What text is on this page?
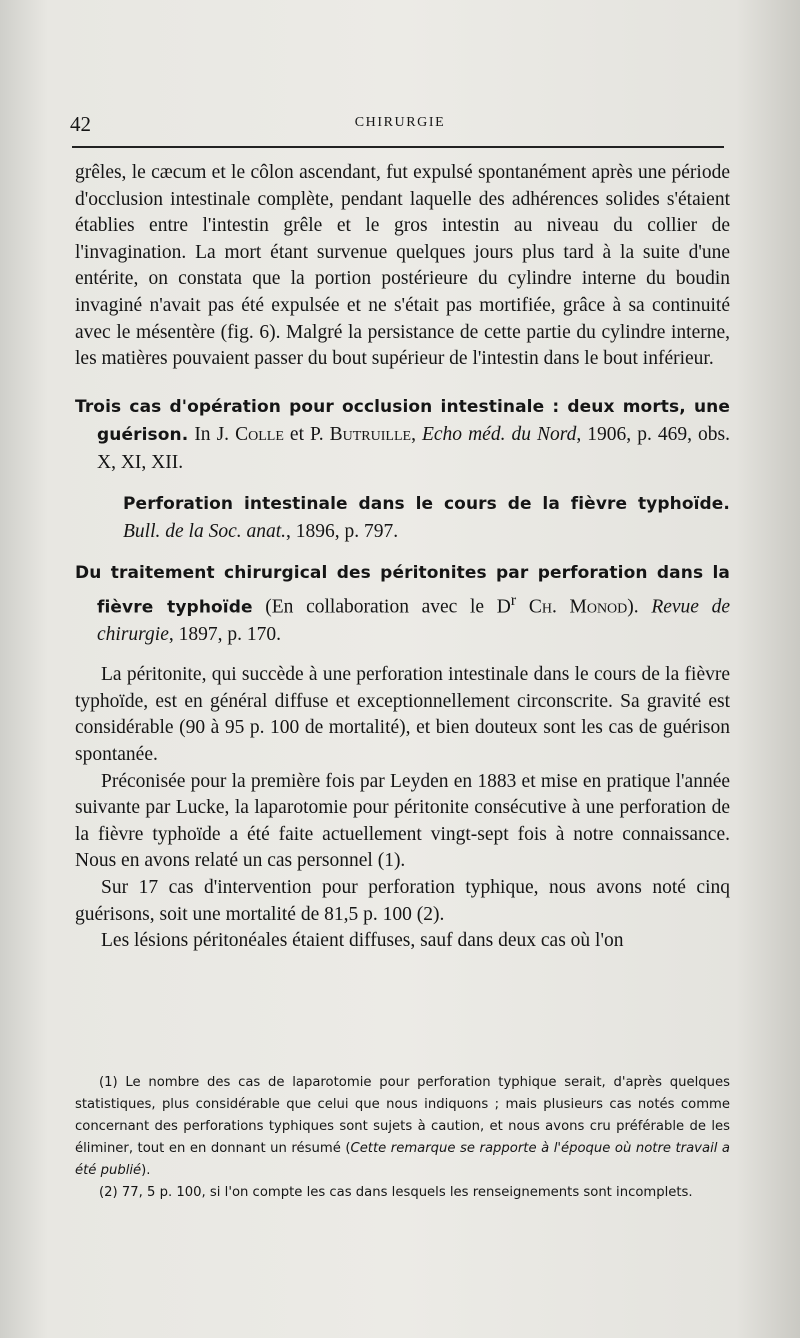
42	CHIRURGIE

grêles, le cæcum et le côlon ascendant, fut expulsé spontanément après une période d'occlusion intestinale complète, pendant laquelle des adhérences solides s'étaient établies entre l'intestin grêle et le gros intestin au niveau du collier de l'invagination. La mort étant survenue quelques jours plus tard à la suite d'une entérite, on constata que la portion postérieure du cylindre interne du boudin invaginé n'avait pas été expulsée et ne s'était pas mortifiée, grâce à sa continuité avec le mésentère (fig. 6). Malgré la persistance de cette partie du cylindre interne, les matières pouvaient passer du bout supérieur de l'intestin dans le bout inférieur.

Trois cas d'opération pour occlusion intestinale : deux morts, une guérison. In J. Colle et P. Butruille, Echo méd. du Nord, 1906, p. 469, obs. X, XI, XII.

Perforation intestinale dans le cours de la fièvre typhoïde. Bull. de la Soc. anat., 1896, p. 797.

Du traitement chirurgical des péritonites par perforation dans la fièvre typhoïde (En collaboration avec le $D^r$ Ch. Monod). Revue de chirurgie, 1897, p. 170.

La péritonite, qui succède à une perforation intestinale dans le cours de la fièvre typhoïde, est en général diffuse et exceptionnellement circonscrite. Sa gravité est considérable (90 à 95 p. 100 de mortalité), et bien douteux sont les cas de guérison spontanée.

Préconisée pour la première fois par Leyden en 1883 et mise en pratique l'année suivante par Lucke, la laparotomie pour péritonite consécutive à une perforation de la fièvre typhoïde a été faite actuellement vingt-sept fois à notre connaissance. Nous en avons relaté un cas personnel (1).

Sur 17 cas d'intervention pour perforation typhique, nous avons noté cinq guérisons, soit une mortalité de 81,5 p. 100 (2).

Les lésions péritonéales étaient diffuses, sauf dans deux cas où l'on

(1) Le nombre des cas de laparotomie pour perforation typhique serait, d'après quelques statistiques, plus considérable que celui que nous indiquons ; mais plusieurs cas notés comme concernant des perforations typhiques sont sujets à caution, et nous avons cru préférable de les éliminer, tout en en donnant un résumé (Cette remarque se rapporte à l'époque où notre travail a été publié).

(2) 77, 5 p. 100, si l'on compte les cas dans lesquels les renseignements sont incomplets.
